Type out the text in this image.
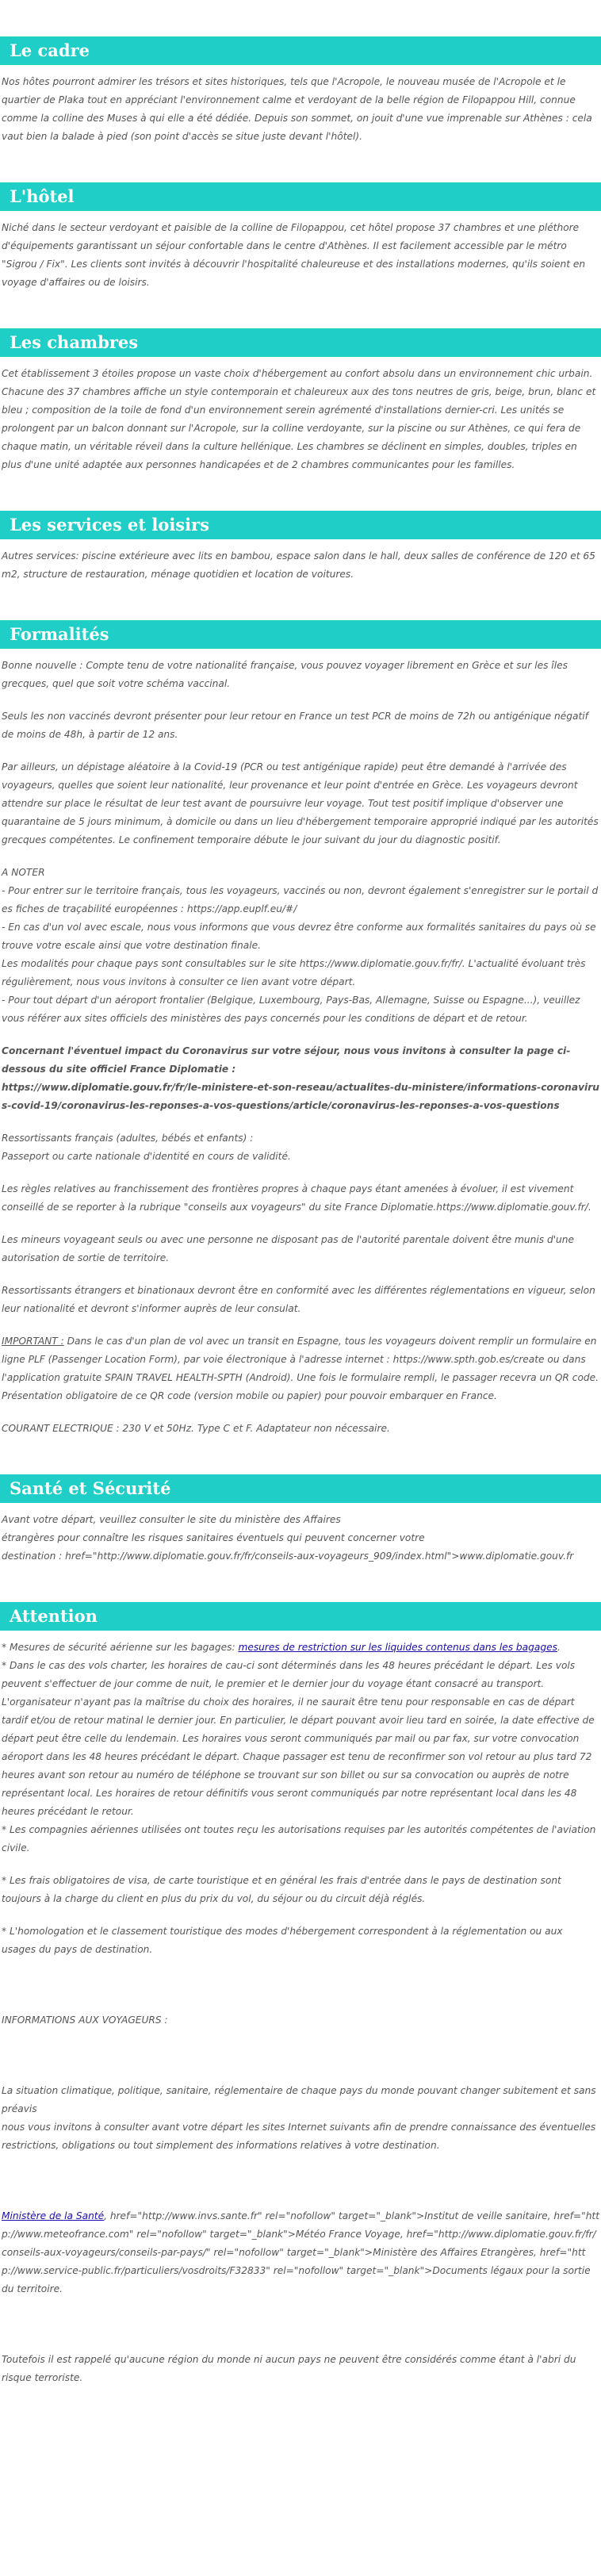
Le cadre

Nos hôtes pourront admirer les trésors et sites historiques, tels que l'Acropole, le nouveau musée de l'Acropole et le quartier de Plaka tout en appréciant l'environnement calme et verdoyant de la belle région de Filopappou Hill, connue comme la colline des Muses à qui elle a été dédiée. Depuis son sommet, on jouit d'une vue imprenable sur Athènes : cela vaut bien la balade à pied (son point d'accès se situe juste devant l'hôtel).

L'hôtel

Niché dans le secteur verdoyant et paisible de la colline de Filopappou, cet hôtel propose 37 chambres et une pléthore d'équipements garantissant un séjour confortable dans le centre d'Athènes. Il est facilement accessible par le métro "Sigrou / Fix". Les clients sont invités à découvrir l'hospitalité chaleureuse et des installations modernes, qu'ils soient en voyage d'affaires ou de loisirs.

Les chambres

Cet établissement 3 étoiles propose un vaste choix d'hébergement au confort absolu dans un environnement chic urbain. Chacune des 37 chambres affiche un style contemporain et chaleureux aux des tons neutres de gris, beige, brun, blanc et bleu ; composition de la toile de fond d'un environnement serein agrémenté d'installations dernier-cri. Les unités se prolongent par un balcon donnant sur l'Acropole, sur la colline verdoyante, sur la piscine ou sur Athènes, ce qui fera de chaque matin, un véritable réveil dans la culture hellénique. Les chambres se déclinent en simples, doubles, triples en plus d'une unité adaptée aux personnes handicapées et de 2 chambres communicantes pour les familles.

Les services et loisirs

Autres services: piscine extérieure avec lits en bambou, espace salon dans le hall, deux salles de conférence de 120 et 65 m2, structure de restauration, ménage quotidien et location de voitures.

Formalités

Bonne nouvelle : Compte tenu de votre nationalité française, vous pouvez voyager librement en Grèce et sur les îles grecques, quel que soit votre schéma vaccinal.

Seuls les non vaccinés devront présenter pour leur retour en France un test PCR de moins de 72h ou antigénique négatif de moins de 48h, à partir de 12 ans.

Par ailleurs, un dépistage aléatoire à la Covid-19 (PCR ou test antigénique rapide) peut être demandé à l'arrivée des voyageurs, quelles que soient leur nationalité, leur provenance et leur point d'entrée en Grèce. Les voyageurs devront attendre sur place le résultat de leur test avant de poursuivre leur voyage. Tout test positif implique d'observer une quarantaine de 5 jours minimum, à domicile ou dans un lieu d'hébergement temporaire approprié indiqué par les autorités grecques compétentes. Le confinement temporaire débute le jour suivant du jour du diagnostic positif.

A NOTER

- Pour entrer sur le territoire français, tous les voyageurs, vaccinés ou non, devront également s'enregistrer sur le portail des fiches de traçabilité européennes : https://app.euplf.eu/#/

- En cas d'un vol avec escale, nous vous informons que vous devrez être conforme aux formalités sanitaires du pays où se trouve votre escale ainsi que votre destination finale.

Les modalités pour chaque pays sont consultables sur le site https://www.diplomatie.gouv.fr/fr/. L'actualité évoluant très régulièrement, nous vous invitons à consulter ce lien avant votre départ.

- Pour tout départ d'un aéroport frontalier (Belgique, Luxembourg, Pays-Bas, Allemagne, Suisse ou Espagne...), veuillez vous référer aux sites officiels des ministères des pays concernés pour les conditions de départ et de retour.

Concernant l'éventuel impact du Coronavirus sur votre séjour, nous vous invitons à consulter la page ci-dessous du site officiel France Diplomatie :

https://www.diplomatie.gouv.fr/fr/le-ministere-et-son-reseau/actualites-du-ministere/informations-coronavirus-covid-19/coronavirus-les-reponses-a-vos-questions/article/coronavirus-les-reponses-a-vos-questions

Ressortissants français (adultes, bébés et enfants) :

Passeport ou carte nationale d'identité en cours de validité.

Les règles relatives au franchissement des frontières propres à chaque pays étant amenées à évoluer, il est vivement conseillé de se reporter à la rubrique "conseils aux voyageurs" du site France Diplomatie.https://www.diplomatie.gouv.fr/.

Les mineurs voyageant seuls ou avec une personne ne disposant pas de l'autorité parentale doivent être munis d'une autorisation de sortie de territoire.

Ressortissants étrangers et binationaux devront être en conformité avec les différentes réglementations en vigueur, selon leur nationalité et devront s'informer auprès de leur consulat.

IMPORTANT : Dans le cas d'un plan de vol avec un transit en Espagne, tous les voyageurs doivent remplir un formulaire en ligne PLF (Passenger Location Form), par voie électronique à l'adresse internet : https://www.spth.gob.es/create ou dans l'application gratuite SPAIN TRAVEL HEALTH-SPTH (Android). Une fois le formulaire rempli, le passager recevra un QR code. Présentation obligatoire de ce QR code (version mobile ou papier) pour pouvoir embarquer en France.

COURANT ELECTRIQUE : 230 V et 50Hz. Type C et F. Adaptateur non nécessaire.

Santé et Sécurité

Avant votre départ, veuillez consulter le site du ministère des Affaires

étrangères pour connaître les risques sanitaires éventuels qui peuvent concerner votre

destination : href="http://www.diplomatie.gouv.fr/fr/conseils-aux-voyageurs_909/index.html">www.diplomatie.gouv.fr

Attention

* Mesures de sécurité aérienne sur les bagages: mesures de restriction sur les liquides contenus dans les bagages.

* Dans le cas des vols charter, les horaires de cau-ci sont déterminés dans les 48 heures précédant le départ. Les vols peuvent s'effectuer de jour comme de nuit, le premier et le dernier jour du voyage étant consacré au transport. L'organisateur n'ayant pas la maîtrise du choix des horaires, il ne saurait être tenu pour responsable en cas de départ tardif et/ou de retour matinal le dernier jour. En particulier, le départ pouvant avoir lieu tard en soirée, la date effective de départ peut être celle du lendemain. Les horaires vous seront communiqués par mail ou par fax, sur votre convocation aéroport dans les 48 heures précédant le départ. Chaque passager est tenu de reconfirmer son vol retour au plus tard 72 heures avant son retour au numéro de téléphone se trouvant sur son billet ou sur sa convocation ou auprès de notre représentant local. Les horaires de retour définitifs vous seront communiqués par notre représentant local dans les 48 heures précédant le retour.

* Les compagnies aériennes utilisées ont toutes reçu les autorisations requises par les autorités compétentes de l'aviation civile.

* Les frais obligatoires de visa, de carte touristique et en général les frais d'entrée dans le pays de destination sont toujours à la charge du client en plus du prix du vol, du séjour ou du circuit déjà réglés.

* L'homologation et le classement touristique des modes d'hébergement correspondent à la réglementation ou aux usages du pays de destination.

INFORMATIONS AUX VOYAGEURS :

La situation climatique, politique, sanitaire, réglementaire de chaque pays du monde pouvant changer subitement et sans préavis

nous vous invitons à consulter avant votre départ les sites Internet suivants afin de prendre connaissance des éventuelles restrictions, obligations ou tout simplement des informations relatives à votre destination.

Ministère de la Santé, href="http://www.invs.sante.fr" rel="nofollow" target="_blank">Institut de veille sanitaire, href="http://www.meteofrance.com" rel="nofollow" target="_blank">Météo France Voyage, href="http://www.diplomatie.gouv.fr/fr/conseils-aux-voyageurs/conseils-par-pays/" rel="nofollow" target="_blank">Ministère des Affaires Etrangères, href="http://www.service-public.fr/particuliers/vosdroits/F32833" rel="nofollow" target="_blank">Documents légaux pour la sortie du territoire.

Toutefois il est rappelé qu'aucune région du monde ni aucun pays ne peuvent être considérés comme étant à l'abri du risque terroriste.
